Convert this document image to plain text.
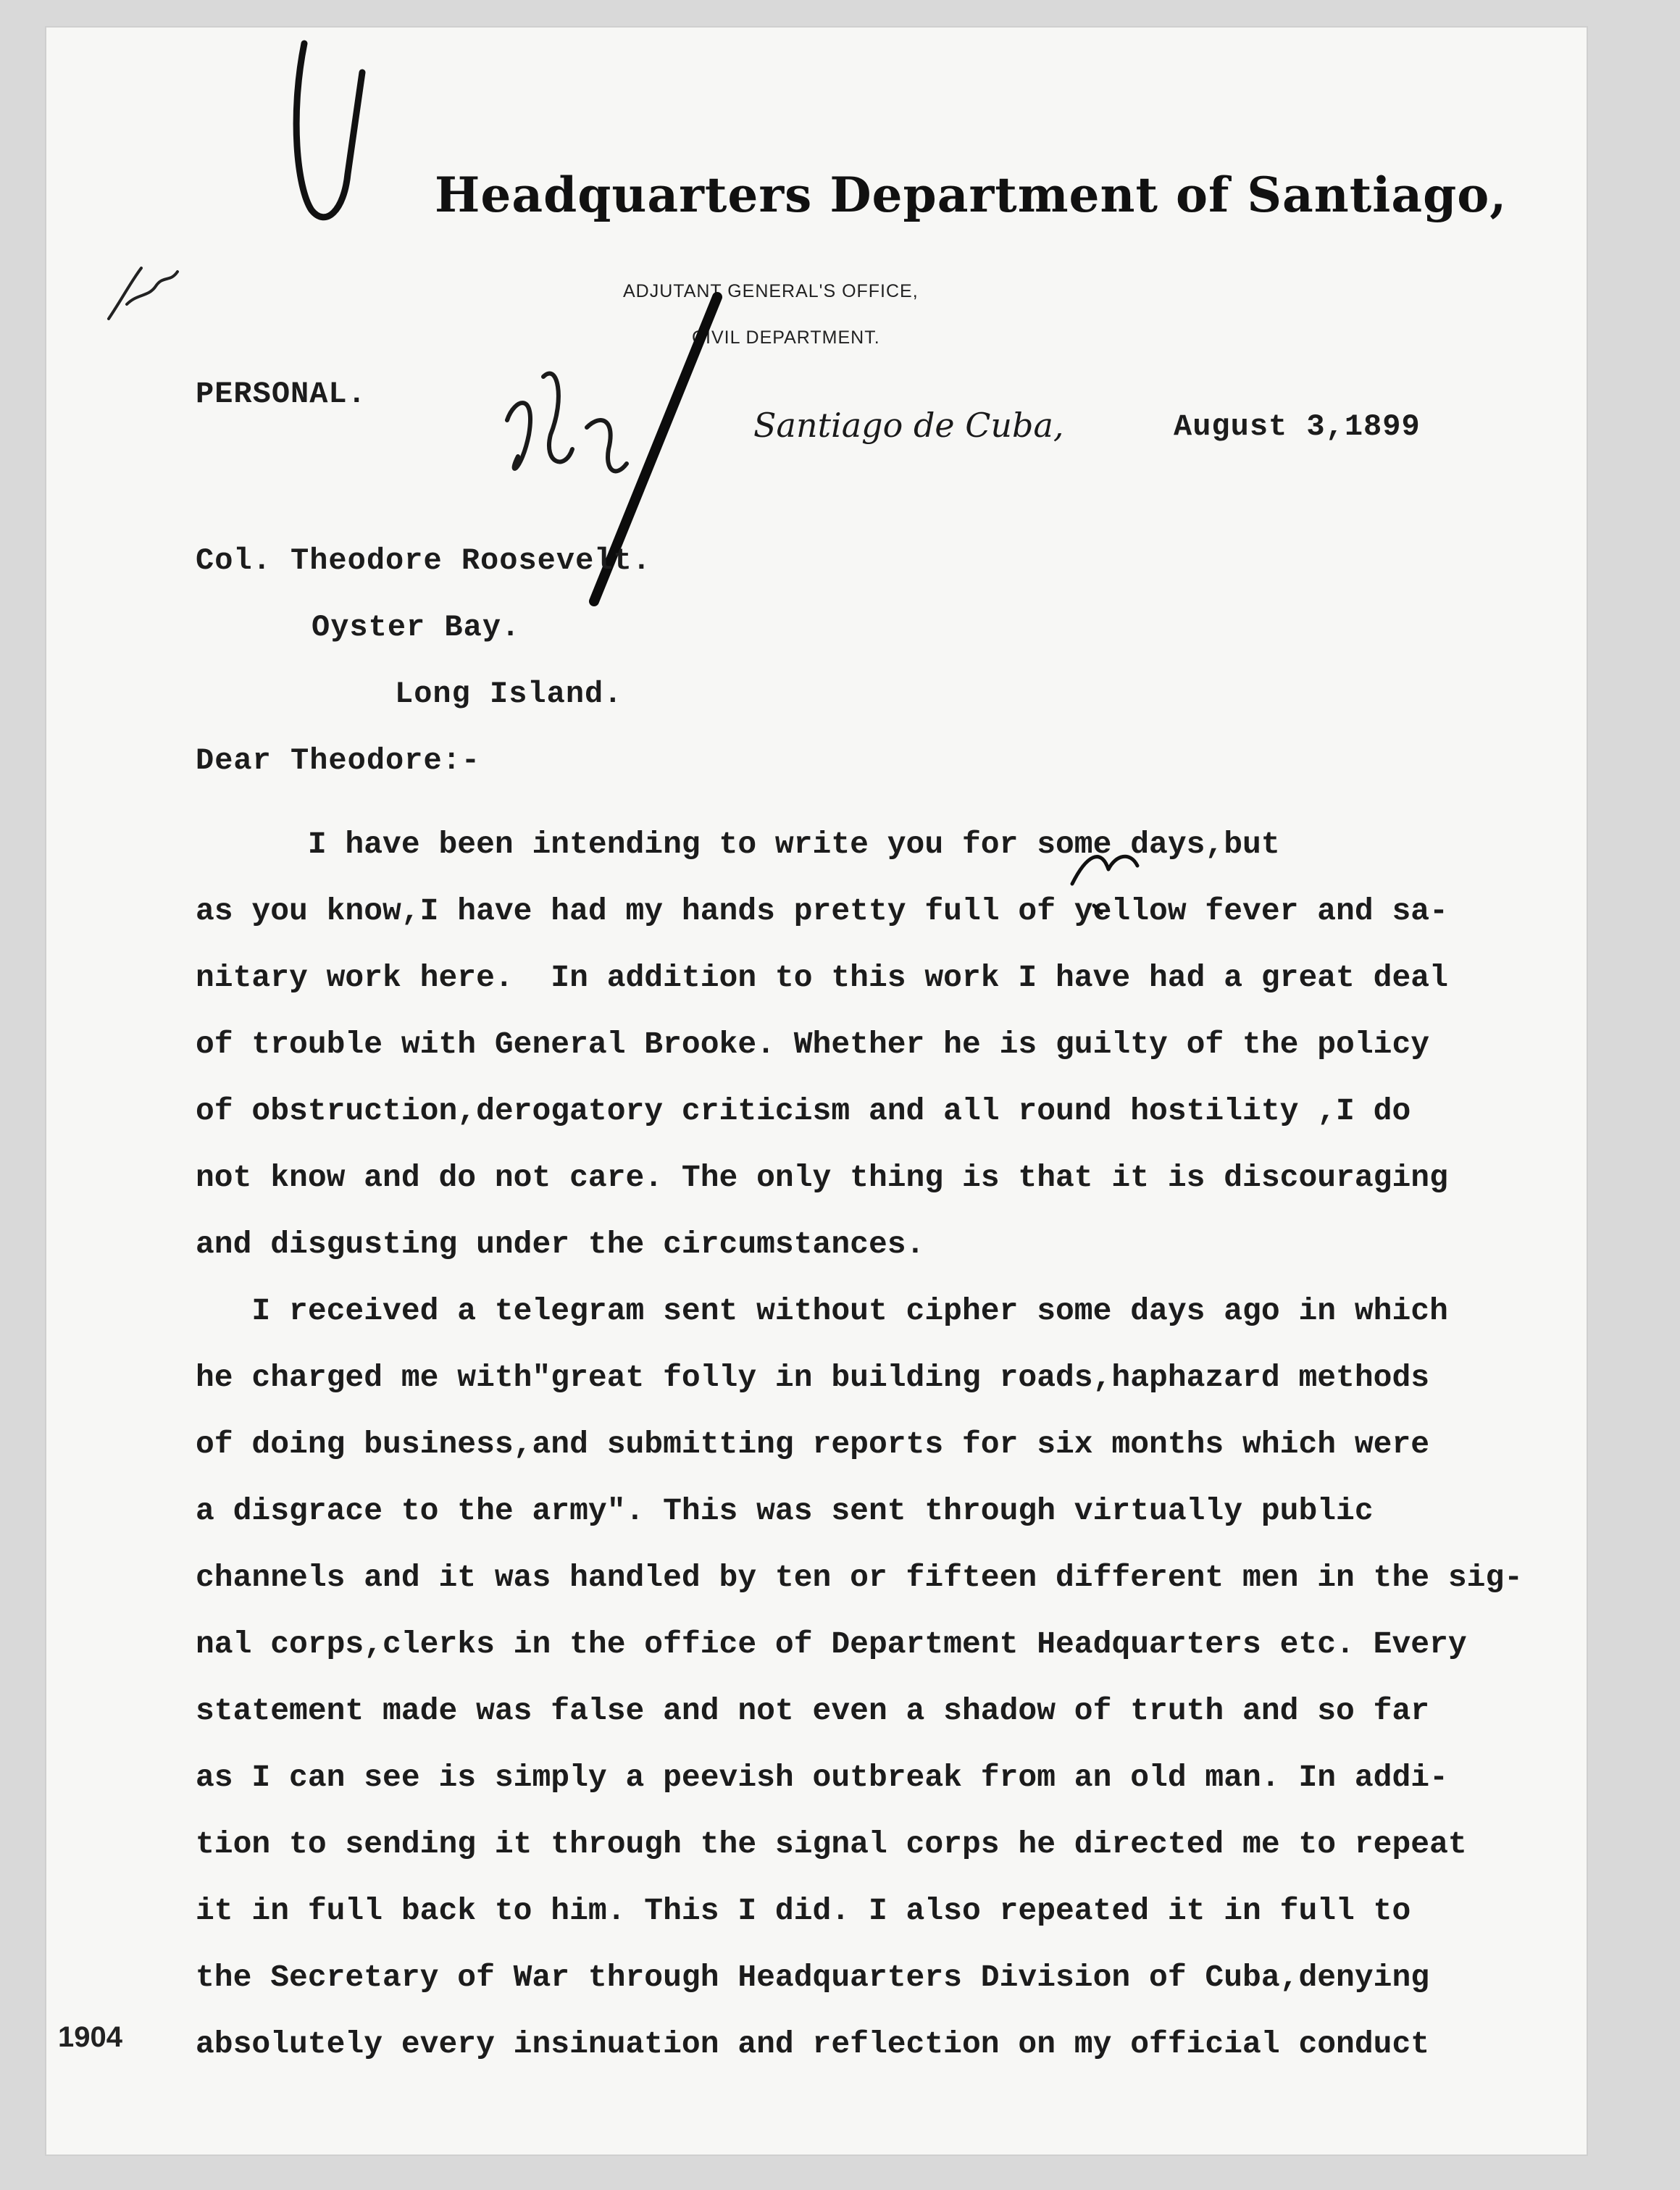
Headquarters Department of Santiago,
ADJUTANT GENERAL'S OFFICE,
CIVIL DEPARTMENT.
PERSONAL.
Santiago de Cuba,	August 3,1899
Col. Theodore Roosevelt.
Oyster Bay.
Long Island.
Dear Theodore:-
I have been intending to write you for some days,but
as you know,I have had my hands pretty full of yellow fever and sa-
nitary work here.  In addition to this work I have had a great deal
of trouble with General Brooke. Whether he is guilty of the policy
of obstruction,derogatory criticism and all round hostility ,I do
not know and do not care. The only thing is that it is discouraging
and disgusting under the circumstances.
I received a telegram sent without cipher some days ago in which
he charged me with"great folly in building roads,haphazard methods
of doing business,and submitting reports for six months which were
a disgrace to the army". This was sent through virtually public
channels and it was handled by ten or fifteen different men in the sig-
nal corps,clerks in the office of Department Headquarters etc. Every
statement made was false and not even a shadow of truth and so far
as I can see is simply a peevish outbreak from an old man. In addi-
tion to sending it through the signal corps he directed me to repeat
it in full back to him. This I did. I also repeated it in full to
the Secretary of War through Headquarters Division of Cuba,denying
absolutely every insinuation and reflection on my official conduct
1904
